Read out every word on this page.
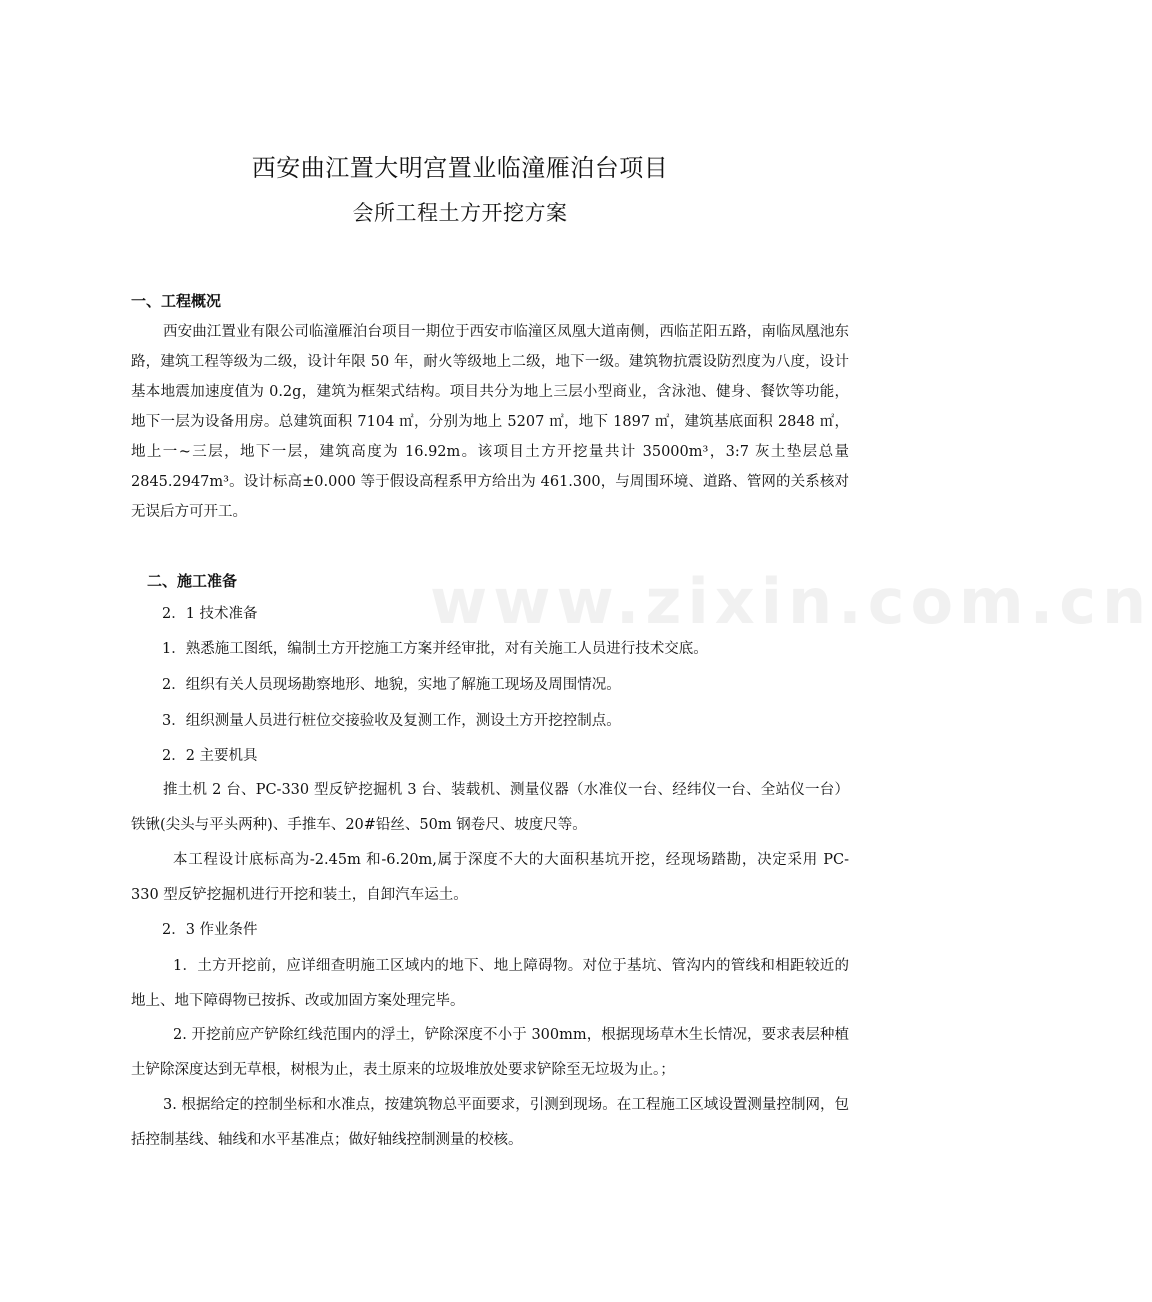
www.zixin.com.cn
西安曲江置大明宫置业临潼雁泊台项目
会所工程土方开挖方案
一、工程概况

西安曲江置业有限公司临潼雁泊台项目一期位于西安市临潼区凤凰大道南侧，西临芷阳五路，南临凤凰池东路，建筑工程等级为二级，设计年限 50 年，耐火等级地上二级，地下一级。建筑物抗震设防烈度为八度，设计基本地震加速度值为 0.2g，建筑为框架式结构。项目共分为地上三层小型商业，含泳池、健身、餐饮等功能，地下一层为设备用房。总建筑面积 7104 ㎡，分别为地上 5207 ㎡，地下 1897 ㎡，建筑基底面积 2848 ㎡，地上一~三层，地下一层，建筑高度为 16.92m。该项目土方开挖量共计 35000m³，3:7 灰土垫层总量 2845.2947m³。设计标高±0.000 等于假设高程系甲方给出为 461.300，与周围环境、道路、管网的关系核对无误后方可开工。

二、施工准备
2．1 技术准备
1．熟悉施工图纸，编制土方开挖施工方案并经审批，对有关施工人员进行技术交底。
2．组织有关人员现场勘察地形、地貌，实地了解施工现场及周围情况。
3．组织测量人员进行桩位交接验收及复测工作，测设土方开挖控制点。
2．2 主要机具

推土机 2 台、PC-330 型反铲挖掘机 3 台、装载机、测量仪器（水准仪一台、经纬仪一台、全站仪一台）铁锹(尖头与平头两种)、手推车、20#铅丝、50m 钢卷尺、坡度尺等。

本工程设计底标高为-2.45m 和-6.20m,属于深度不大的大面积基坑开挖，经现场踏勘，决定采用 PC-330 型反铲挖掘机进行开挖和装土，自卸汽车运土。

2．3 作业条件

1．土方开挖前，应详细查明施工区域内的地下、地上障碍物。对位于基坑、管沟内的管线和相距较近的地上、地下障碍物已按拆、改或加固方案处理完毕。

2. 开挖前应产铲除红线范围内的浮土，铲除深度不小于 300mm，根据现场草木生长情况，要求表层种植土铲除深度达到无草根，树根为止，表土原来的垃圾堆放处要求铲除至无垃圾为止。；

3. 根据给定的控制坐标和水准点，按建筑物总平面要求，引测到现场。在工程施工区域设置测量控制网，包括控制基线、轴线和水平基准点；做好轴线控制测量的校核。
